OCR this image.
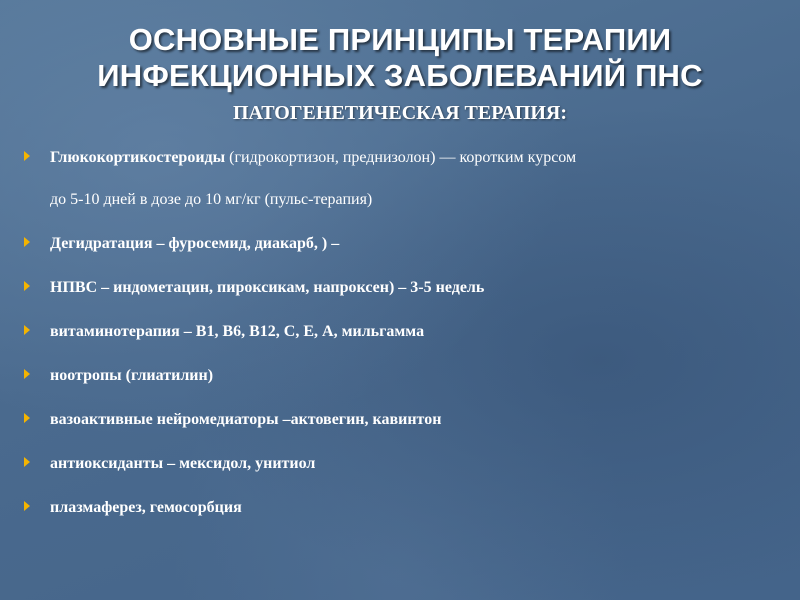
ОСНОВНЫЕ ПРИНЦИПЫ ТЕРАПИИ
ИНФЕКЦИОННЫХ ЗАБОЛЕВАНИЙ ПНС
ПАТОГЕНЕТИЧЕСКАЯ ТЕРАПИЯ:
Глюкокортикостероиды (гидрокортизон, преднизолон) — коротким курсом
до 5-10 дней в дозе до 10 мг/кг (пульс-терапия)
Дегидратация – фуросемид, диакарб, ) –
НПВС – индометацин, пироксикам, напроксен) – 3-5 недель
витаминотерапия – В1, В6, В12, С, Е, А, мильгамма
ноотропы (глиатилин)
вазоактивные нейромедиаторы –актовегин, кавинтон
антиоксиданты – мексидол, унитиол
плазмаферез, гемосорбция
